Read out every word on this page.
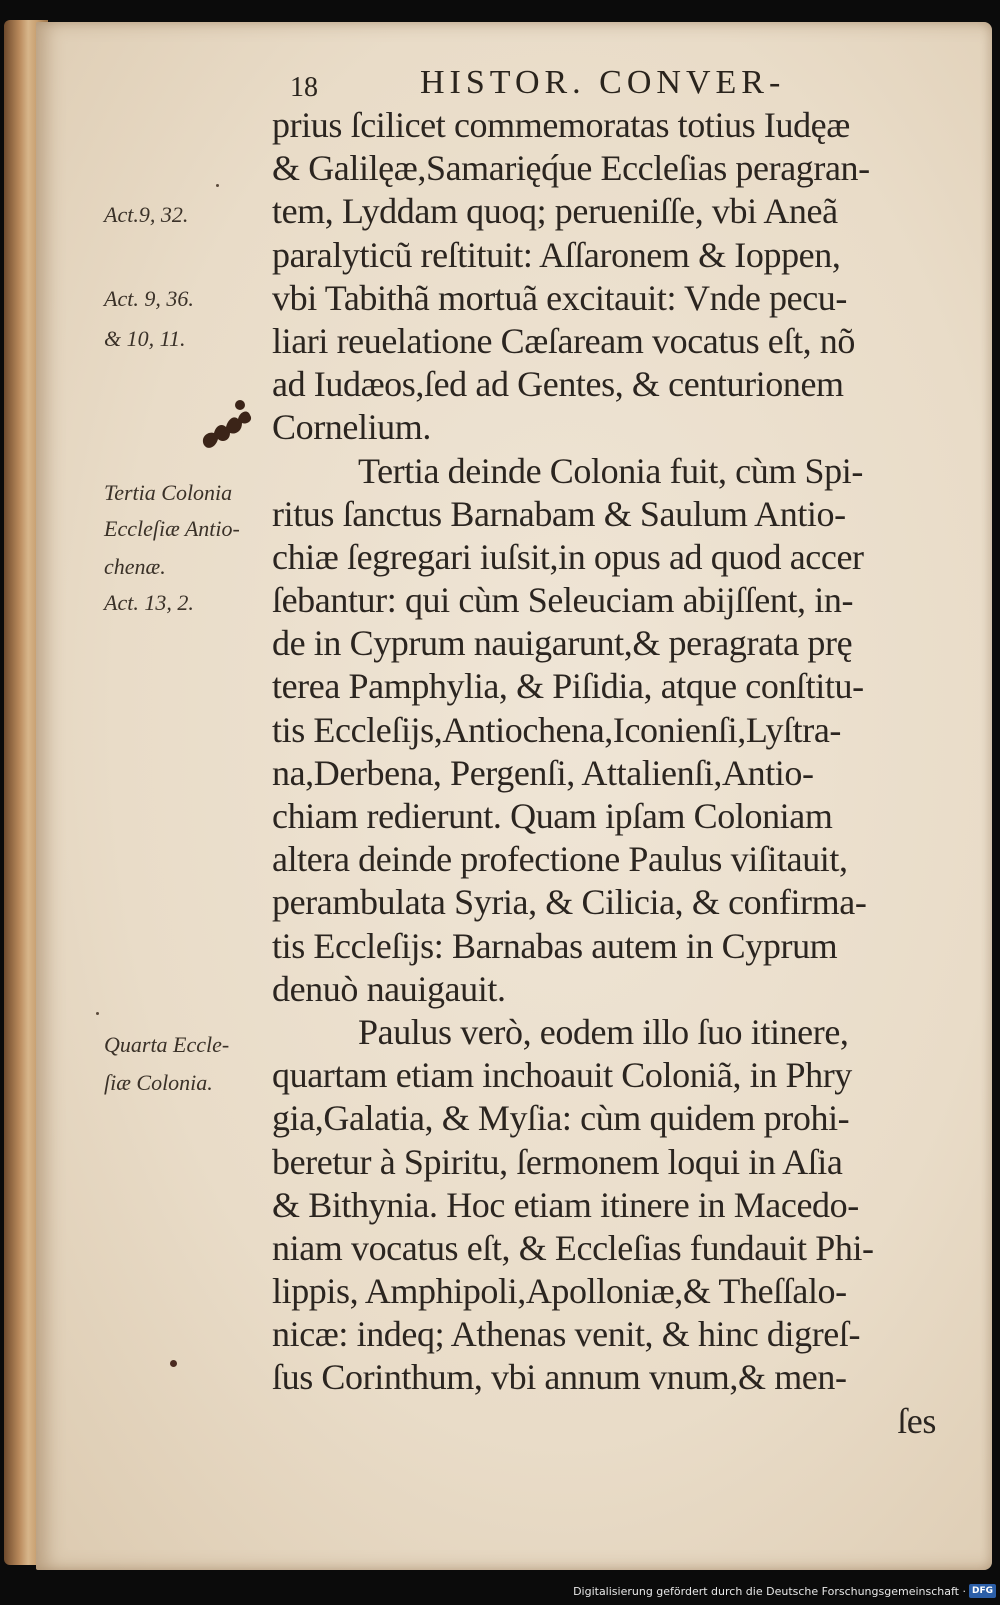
18	HISTOR. CONVER-
prius ſcilicet commemoratas totius Iudęæ
& Galilęæ,Samarięq́ue Eccleſias peragran-
tem, Lyddam quoq; perueniſſe, vbi Aneã
paralyticũ reſtituit: Aſſaronem & Ioppen,
vbi Tabithã mortuã excitauit: Vnde pecu-
liari reuelatione Cæſaream vocatus eſt, nõ
ad Iudæos,ſed ad Gentes, & centurionem
Cornelium.
Tertia deinde Colonia fuit, cùm Spi-
ritus ſanctus Barnabam & Saulum Antio-
chiæ ſegregari iuſsit,in opus ad quod accer
ſebantur: qui cùm Seleuciam abijſſent, in-
de in Cyprum nauigarunt,& peragrata prę
terea Pamphylia, & Piſidia, atque conſtitu-
tis Eccleſijs,Antiochena,Iconienſi,Lyſtra-
na,Derbena, Pergenſi, Attalienſi,Antio-
chiam redierunt. Quam ipſam Coloniam
altera deinde profectione Paulus viſitauit,
perambulata Syria, & Cilicia, & confirma-
tis Eccleſijs: Barnabas autem in Cyprum
denuò nauigauit.
Paulus verò, eodem illo ſuo itinere,
quartam etiam inchoauit Coloniã, in Phry
gia,Galatia, & Myſia: cùm quidem prohi-
beretur à Spiritu, ſermonem loqui in Aſia
& Bithynia. Hoc etiam itinere in Macedo-
niam vocatus eſt, & Eccleſias fundauit Phi-
lippis, Amphipoli,Apolloniæ,& Theſſalo-
nicæ: indeq; Athenas venit, & hinc digreſ-
ſus Corinthum, vbi annum vnum,& men-
ſes
Act.9, 32.
Act. 9, 36.
& 10, 11.
Tertia Colonia
Eccleſiæ Antio-
chenæ.
Act. 13, 2.
Quarta Eccle-
ſiæ Colonia.
Digitalisierung gefördert durch die Deutsche Forschungsgemeinschaft · DFG
